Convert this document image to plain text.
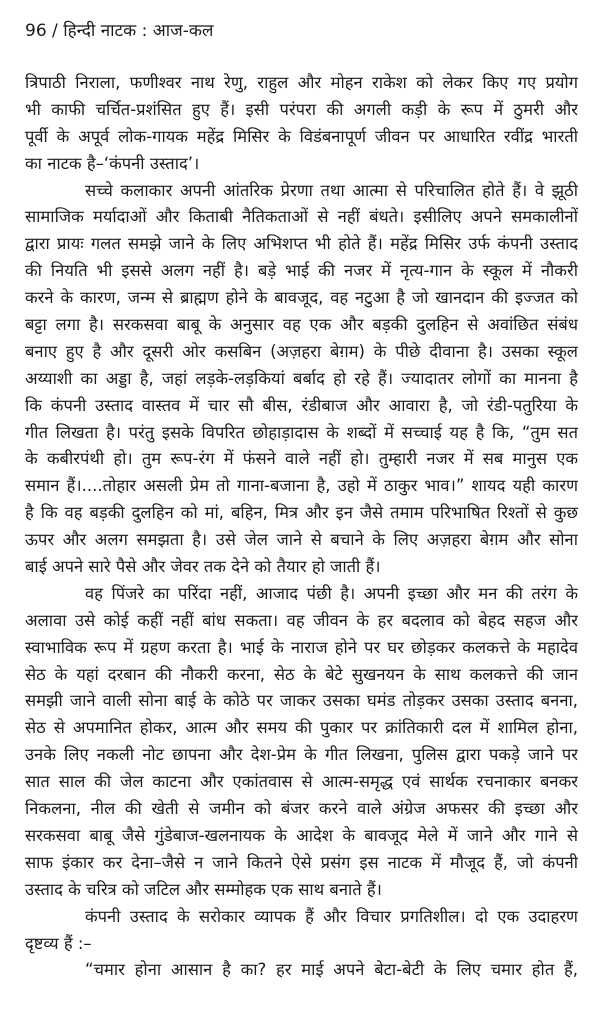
96 / हिन्दी नाटक : आज-कल
त्रिपाठी निराला, फणीश्वर नाथ रेणु, राहुल और मोहन राकेश को लेकर किए गए प्रयोग
भी काफी चर्चित-प्रशंसित हुए हैं। इसी परंपरा की अगली कड़ी के रूप में ठुमरी और
पूर्वी के अपूर्व लोक-गायक महेंद्र मिसिर के विडंबनापूर्ण जीवन पर आधारित रवींद्र भारती
का नाटक है–‘कंपनी उस्ताद’।
सच्चे कलाकार अपनी आंतरिक प्रेरणा तथा आत्मा से परिचालित होते हैं। वे झूठी
सामाजिक मर्यादाओं और किताबी नैतिकताओं से नहीं बंधते। इसीलिए अपने समकालीनों
द्वारा प्रायः गलत समझे जाने के लिए अभिशप्त भी होते हैं। महेंद्र मिसिर उर्फ कंपनी उस्ताद
की नियति भी इससे अलग नहीं है। बड़े भाई की नजर में नृत्य-गान के स्कूल में नौकरी
करने के कारण, जन्म से ब्राह्मण होने के बावजूद, वह नटुआ है जो खानदान की इज्जत को
बट्टा लगा है। सरकसवा बाबू के अनुसार वह एक और बड़की दुलहिन से अवांछित संबंध
बनाए हुए है और दूसरी ओर कसबिन (अज़हरा बेग़म) के पीछे दीवाना है। उसका स्कूल
अय्याशी का अड्डा है, जहां लड़के-लड़कियां बर्बाद हो रहे हैं। ज्यादातर लोगों का मानना है
कि कंपनी उस्ताद वास्तव में चार सौ बीस, रंडीबाज और आवारा है, जो रंडी-पतुरिया के
गीत लिखता है। परंतु इसके विपरित छोहाड़ादास के शब्दों में सच्चाई यह है कि, “तुम सत
के कबीरपंथी हो। तुम रूप-रंग में फंसने वाले नहीं हो। तुम्हारी नजर में सब मानुस एक
समान हैं।....तोहार असली प्रेम तो गाना-बजाना है, उहो में ठाकुर भाव।” शायद यही कारण
है कि वह बड़की दुलहिन को मां, बहिन, मित्र और इन जैसे तमाम परिभाषित रिश्तों से कुछ
ऊपर और अलग समझता है। उसे जेल जाने से बचाने के लिए अज़हरा बेग़म और सोना
बाई अपने सारे पैसे और जेवर तक देने को तैयार हो जाती हैं।
वह पिंजरे का परिंदा नहीं, आजाद पंछी है। अपनी इच्छा और मन की तरंग के
अलावा उसे कोई कहीं नहीं बांध सकता। वह जीवन के हर बदलाव को बेहद सहज और
स्वाभाविक रूप में ग्रहण करता है। भाई के नाराज होने पर घर छोड़कर कलकत्ते के महादेव
सेठ के यहां दरबान की नौकरी करना, सेठ के बेटे सुखनयन के साथ कलकत्ते की जान
समझी जाने वाली सोना बाई के कोठे पर जाकर उसका घमंड तोड़कर उसका उस्ताद बनना,
सेठ से अपमानित होकर, आत्म और समय की पुकार पर क्रांतिकारी दल में शामिल होना,
उनके लिए नकली नोट छापना और देश-प्रेम के गीत लिखना, पुलिस द्वारा पकड़े जाने पर
सात साल की जेल काटना और एकांतवास से आत्म-समृद्ध एवं सार्थक रचनाकार बनकर
निकलना, नील की खेती से जमीन को बंजर करने वाले अंग्रेज अफसर की इच्छा और
सरकसवा बाबू जैसे गुंडेबाज-खलनायक के आदेश के बावजूद मेले में जाने और गाने से
साफ इंकार कर देना–जैसे न जाने कितने ऐसे प्रसंग इस नाटक में मौजूद हैं, जो कंपनी
उस्ताद के चरित्र को जटिल और सम्मोहक एक साथ बनाते हैं।
कंपनी उस्ताद के सरोकार व्यापक हैं और विचार प्रगतिशील। दो एक उदाहरण
दृष्टव्य हैं :–
“चमार होना आसान है का? हर माई अपने बेटा-बेटी के लिए चमार होत हैं,
